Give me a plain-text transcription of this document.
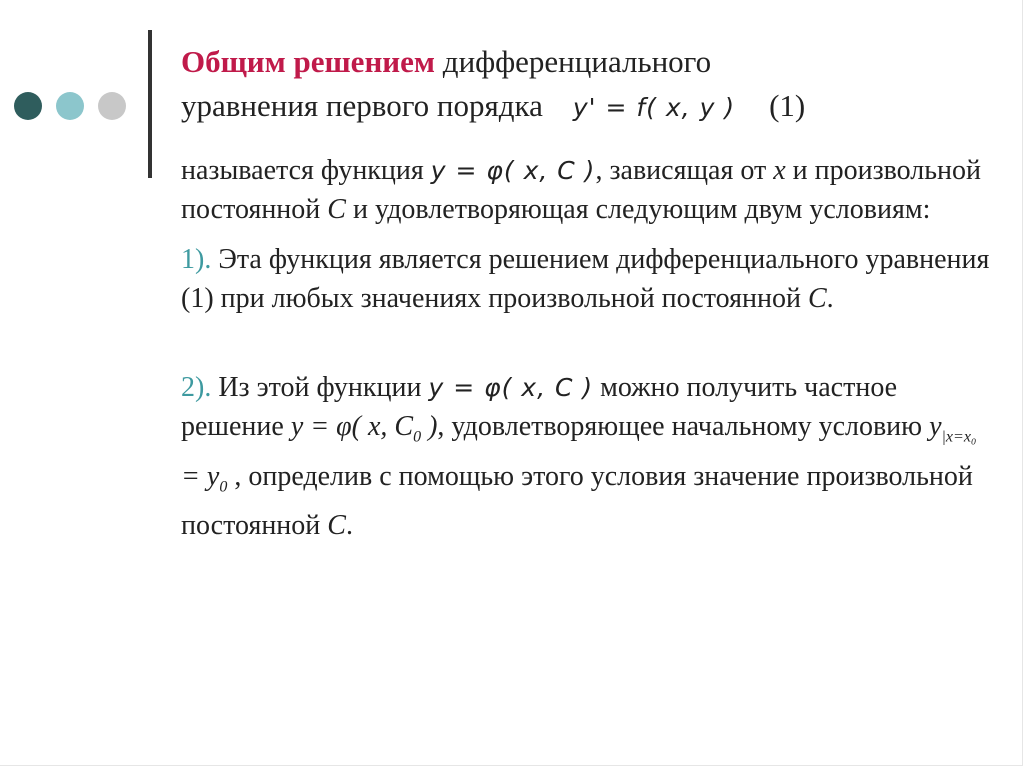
Общим решением дифференциального
уравнения первого порядка y' = f( x, y ) (1)

называется функция y = φ( x, C ), зависящая от x и произвольной постоянной C и удовлетворяющая следующим двум условиям:

1). Эта функция является решением дифференциального уравнения (1) при любых значениях произвольной постоянной C.

2). Из этой функции y = φ( x, C ) можно получить частное решение y = φ( x, $C_0$ ), удовлетворяющее начальному условию $y_{|x=x_0} = y_0$ , определив с помощью этого условия значение произвольной постоянной C.
